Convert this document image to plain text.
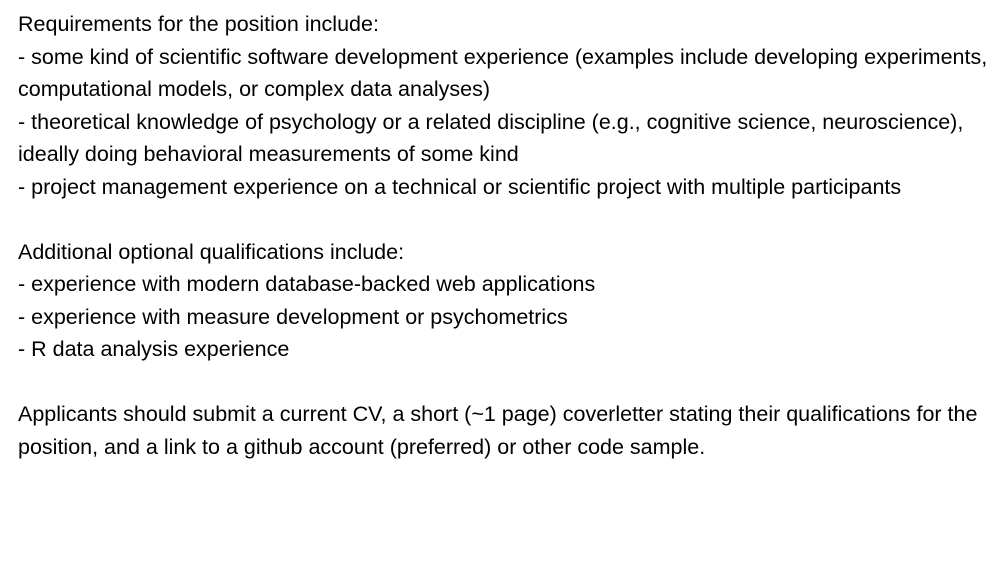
Requirements for the position include:

- some kind of scientific software development experience (examples include developing experiments, computational models, or complex data analyses)

- theoretical knowledge of psychology or a related discipline (e.g., cognitive science, neuroscience), ideally doing behavioral measurements of some kind

- project management experience on a technical or scientific project with multiple participants

Additional optional qualifications include:

- experience with modern database-backed web applications

- experience with measure development or psychometrics

- R data analysis experience

Applicants should submit a current CV, a short (~1 page) coverletter stating their qualifications for the position, and a link to a github account (preferred) or other code sample.
